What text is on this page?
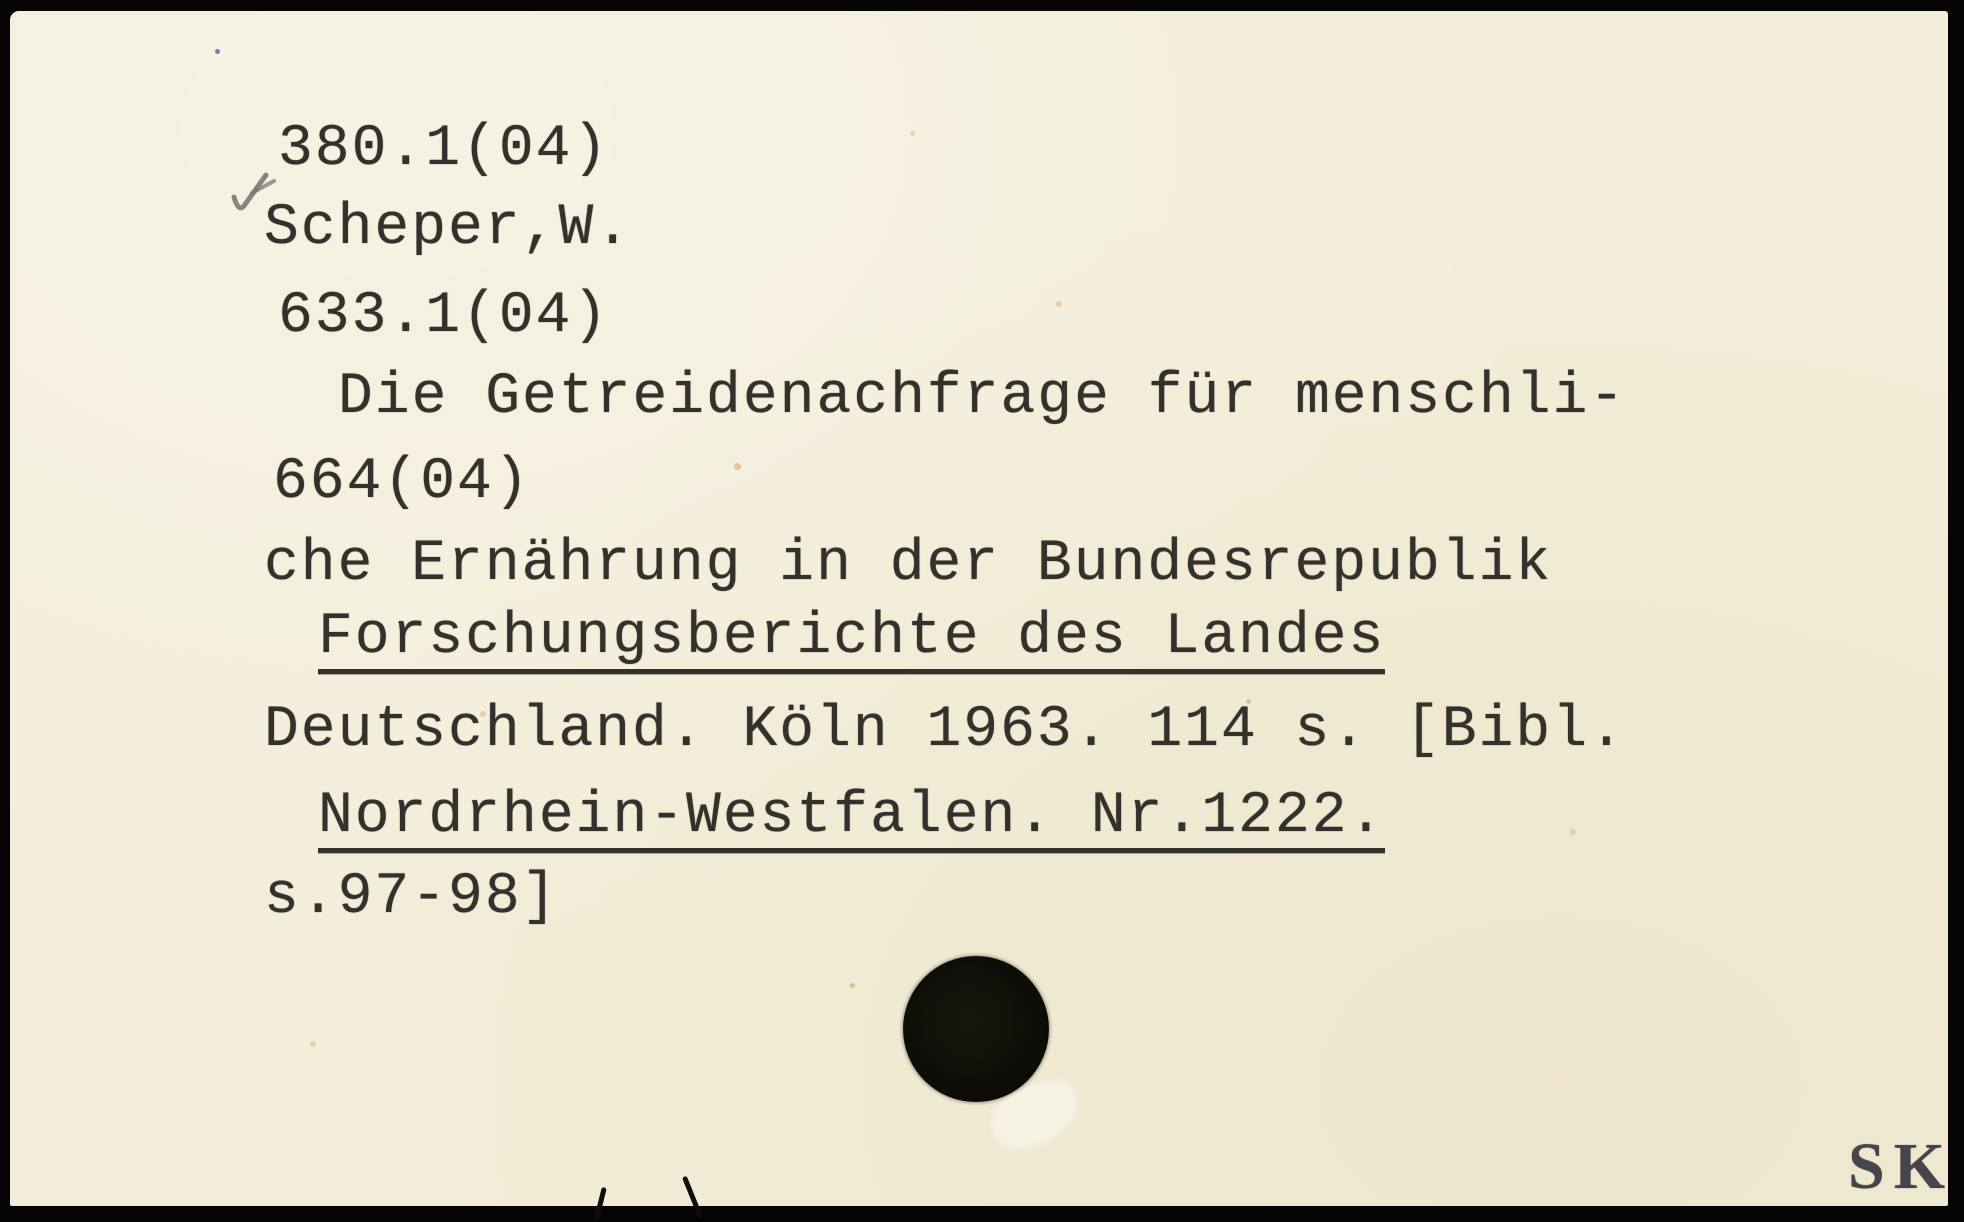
380.1(04)

633.1(04)

664(04)

Scheper,W.

Die Getreidenachfrage für menschli-

che Ernährung in der Bundesrepublik

Deutschland. Köln 1963. 114 s. [Bibl.

s.97-98]

Forschungsberichte des Landes

Nordrhein-Westfalen. Nr.1222.

SK
